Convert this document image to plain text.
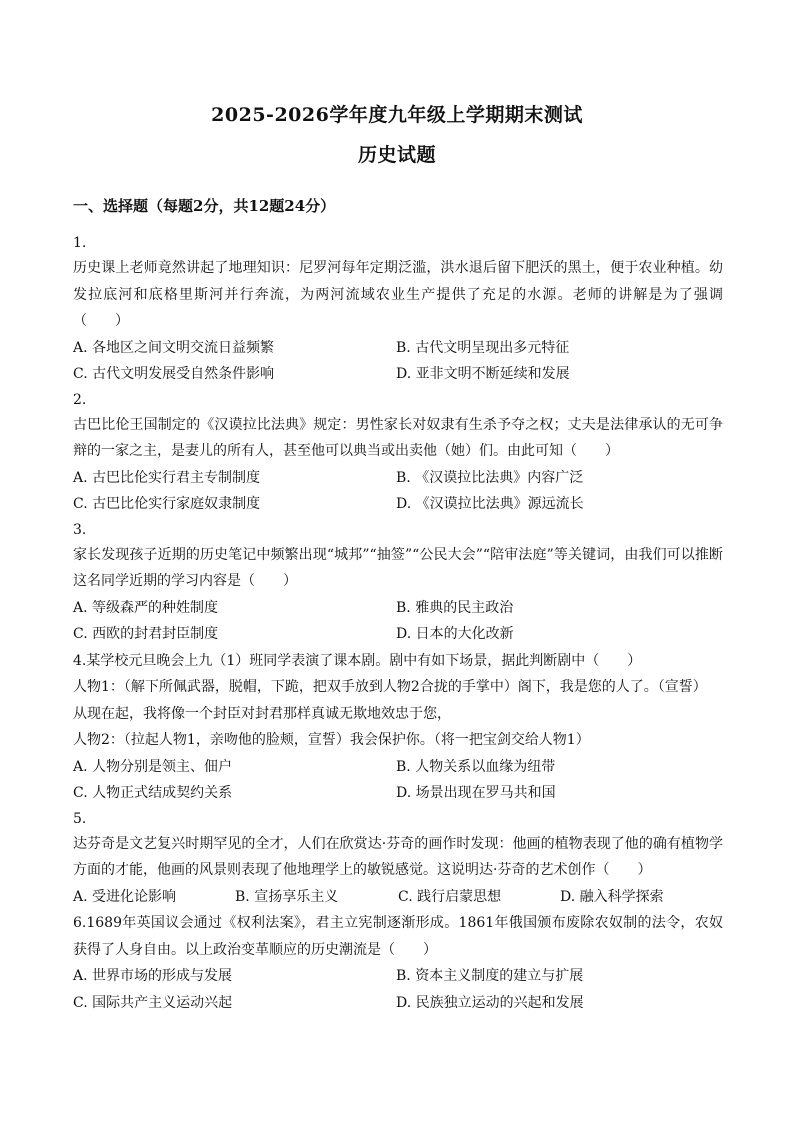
2025-2026学年度九年级上学期期末测试
历史试题
一、选择题（每题2分，共12题24分）
1.
历史课上老师竟然讲起了地理知识：尼罗河每年定期泛滥，洪水退后留下肥沃的黑土，便于农业种植。幼发拉底河和底格里斯河并行奔流，为两河流域农业生产提供了充足的水源。老师的讲解是为了强调（　　）
A. 各地区之间文明交流日益频繁	B. 古代文明呈现出多元特征
C. 古代文明发展受自然条件影响	D. 亚非文明不断延续和发展
2.
古巴比伦王国制定的《汉谟拉比法典》规定：男性家长对奴隶有生杀予夺之权；丈夫是法律承认的无可争辩的一家之主，是妻儿的所有人，甚至他可以典当或出卖他（她）们。由此可知（　　）
A. 古巴比伦实行君主专制制度	B. 《汉谟拉比法典》内容广泛
C. 古巴比伦实行家庭奴隶制度	D. 《汉谟拉比法典》源远流长
3.
家长发现孩子近期的历史笔记中频繁出现“城邦”“抽签”“公民大会”“陪审法庭”等关键词，由我们可以推断这名同学近期的学习内容是（　　）
A. 等级森严的种姓制度	B. 雅典的民主政治
C. 西欧的封君封臣制度	D. 日本的大化改新
4.某学校元旦晚会上九（1）班同学表演了课本剧。剧中有如下场景，据此判断剧中（　　）
人物1：（解下所佩武器，脱帽，下跪，把双手放到人物2合拢的手掌中）阁下，我是您的人了。（宣誓）
从现在起，我将像一个封臣对封君那样真诚无欺地效忠于您，
人物2：（拉起人物1，亲吻他的脸颊，宣誓）我会保护你。（将一把宝剑交给人物1）
A. 人物分别是领主、佃户	B. 人物关系以血缘为纽带
C. 人物正式结成契约关系	D. 场景出现在罗马共和国
5.
达芬奇是文艺复兴时期罕见的全才，人们在欣赏达·芬奇的画作时发现：他画的植物表现了他的确有植物学方面的才能，他画的风景则表现了他地理学上的敏锐感觉。这说明达·芬奇的艺术创作（　　）
A. 受进化论影响	B. 宣扬享乐主义	C. 践行启蒙思想	D. 融入科学探索
6.1689年英国议会通过《权利法案》，君主立宪制逐渐形成。1861年俄国颁布废除农奴制的法令，农奴获得了人身自由。以上政治变革顺应的历史潮流是（　　）
A. 世界市场的形成与发展	B. 资本主义制度的建立与扩展
C. 国际共产主义运动兴起	D. 民族独立运动的兴起和发展
